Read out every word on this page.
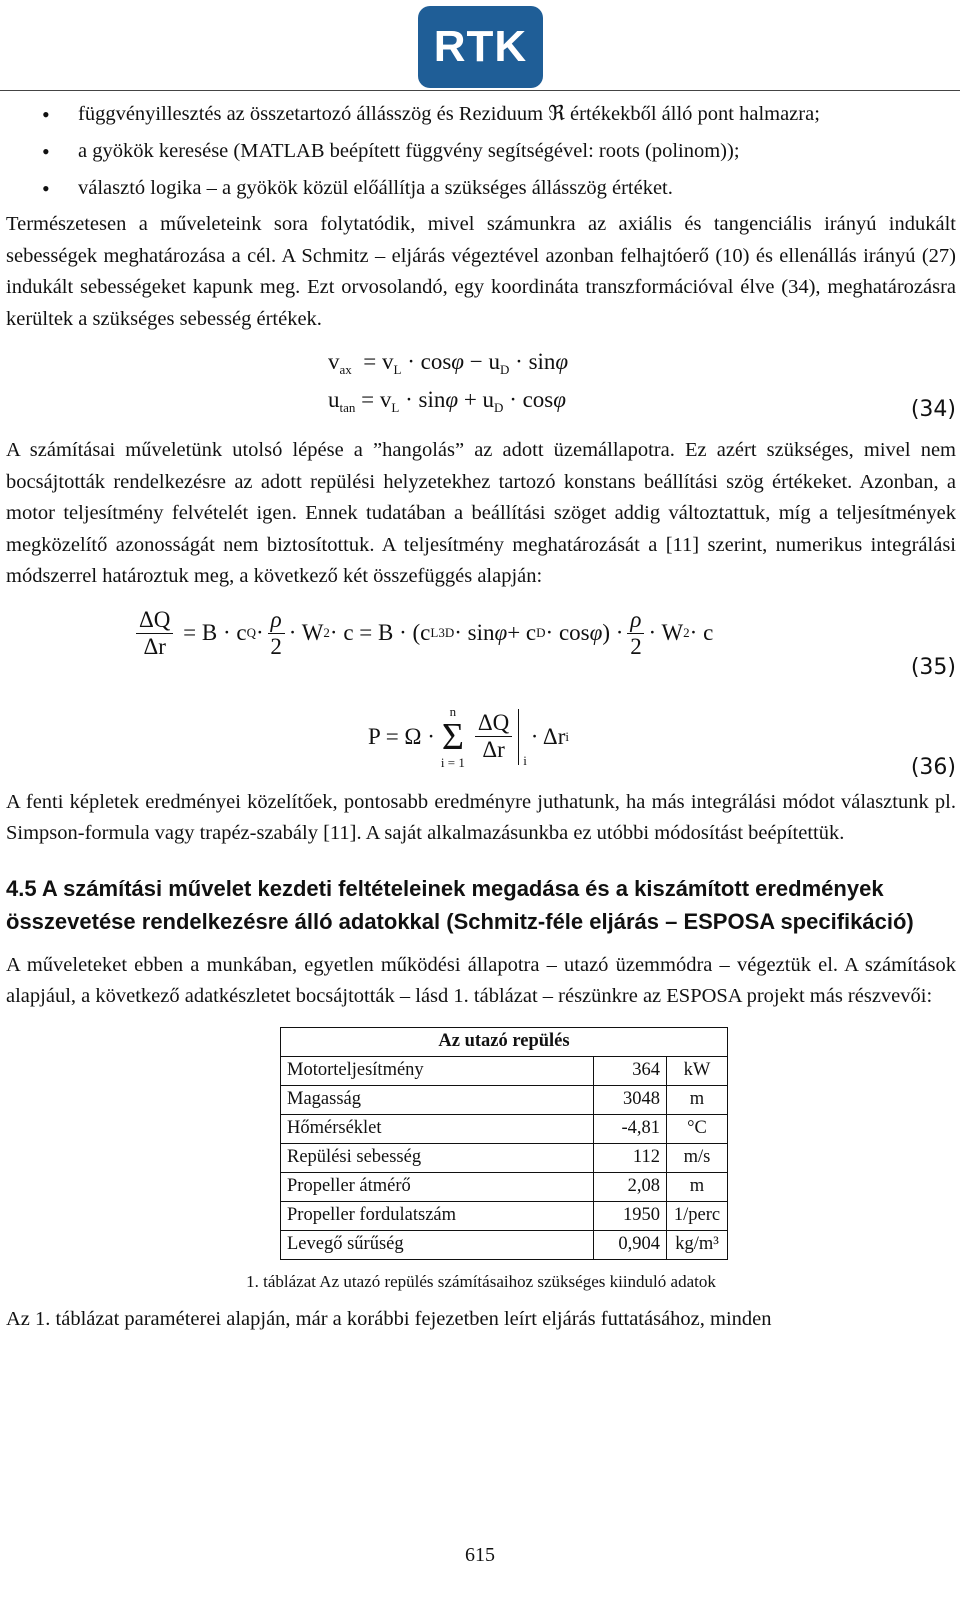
RTK
• függvényillesztés az összetartozó állásszög és Reziduum ℜ értékekből álló pont halmazra;
• a gyökök keresése (MATLAB beépített függvény segítségével: roots (polinom));
• választó logika – a gyökök közül előállítja a szükséges állásszög értéket.

Természetesen a műveleteink sora folytatódik, mivel számunkra az axiális és tangenciális irányú indukált sebességek meghatározása a cél. A Schmitz – eljárás végeztével azonban felhajtóerő (10) és ellenállás irányú (27) indukált sebességeket kapunk meg. Ezt orvosolandó, egy koordináta transzformációval élve (34), meghatározásra kerültek a szükséges sebesség értékek.

$v_{ax} = v_L \cdot \cos\varphi - u_D \cdot \sin\varphi$
$u_{tan} = v_L \cdot \sin\varphi + u_D \cdot \cos\varphi$	(34)

A számításai műveletünk utolsó lépése a ”hangolás” az adott üzemállapotra. Ez azért szükséges, mivel nem bocsájtották rendelkezésre az adott repülési helyzetekhez tartozó konstans beállítási szög értékeket. Azonban, a motor teljesítmény felvételét igen. Ennek tudatában a beállítási szöget addig változtattuk, míg a teljesítmények megközelítő azonosságát nem biztosítottuk. A teljesítmény meghatározását a [11] szerint, numerikus integrálási módszerrel határoztuk meg, a következő két összefüggés alapján:

$\frac{\Delta Q}{\Delta r} = B \cdot c$ $Q \cdot \frac{\rho}{2} \cdot W$ 2 · c = B · (c L3D · sin φ + c D · cos φ ) · $\frac{\rho}{2} \cdot W$ 2 · c
(35)
P = Ω ·
n
Σ
$i = 1 \frac{\Delta Q}{\Delta r}$ i
· Δr i
(36)

A fenti képletek eredményei közelítőek, pontosabb eredményre juthatunk, ha más integrálási módot választunk pl. Simpson-formula vagy trapéz-szabály [11]. A saját alkalmazásunkba ez utóbbi módosítást beépítettük.

4.5 A számítási művelet kezdeti feltételeinek megadása és a kiszámított eredmények összevetése rendelkezésre álló adatokkal (Schmitz-féle eljárás – ESPOSA specifikáció)

A műveleteket ebben a munkában, egyetlen működési állapotra – utazó üzemmódra – végeztük el. A számítások alapjául, a következő adatkészletet bocsájtották – lásd 1. táblázat – részünkre az ESPOSA projekt más részvevői:

Az utazó repülés		
Motorteljesítmény	364	kW
Magasság	3048	m
Hőmérséklet	-4,81	°C
Repülési sebesség	112	m/s
Propeller átmérő	2,08	m
Propeller fordulatszám	1950	1/perc
Levegő sűrűség	0,904	kg/m³
1. táblázat Az utazó repülés számításaihoz szükséges kiinduló adatok

Az 1. táblázat paraméterei alapján, már a korábbi fejezetben leírt eljárás futtatásához, minden

615
